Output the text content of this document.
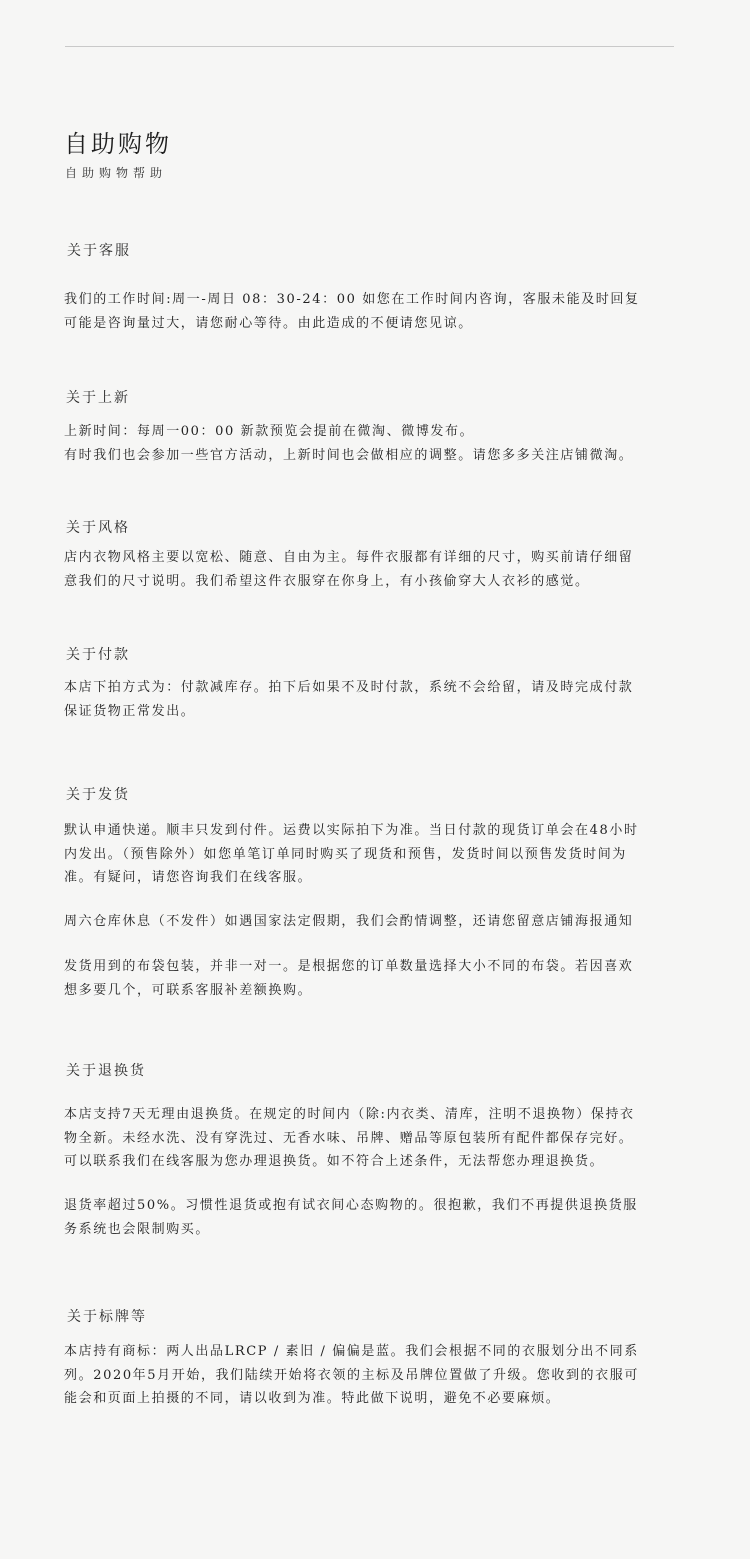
自助购物
自助购物帮助
关于客服
我们的工作时间:周一-周日 08：30-24：00 如您在工作时间内咨询，客服未能及时回复
可能是咨询量过大，请您耐心等待。由此造成的不便请您见谅。
关于上新
上新时间：每周一00：00 新款预览会提前在微淘、微博发布。
有时我们也会参加一些官方活动，上新时间也会做相应的调整。请您多多关注店铺微淘。
关于风格
店内衣物风格主要以宽松、随意、自由为主。每件衣服都有详细的尺寸，购买前请仔细留
意我们的尺寸说明。我们希望这件衣服穿在你身上，有小孩偷穿大人衣衫的感觉。
关于付款
本店下拍方式为：付款减库存。拍下后如果不及时付款，系统不会给留，请及時完成付款
保证货物正常发出。
关于发货
默认申通快递。顺丰只发到付件。运费以实际拍下为准。当日付款的现货订单会在48小时
内发出。（预售除外）如您单笔订单同时购买了现货和预售，发货时间以预售发货时间为
准。有疑问，请您咨询我们在线客服。
周六仓库休息（不发件）如遇国家法定假期，我们会酌情调整，还请您留意店铺海报通知
发货用到的布袋包装，并非一对一。是根据您的订单数量选择大小不同的布袋。若因喜欢
想多要几个，可联系客服补差额换购。
关于退换货
本店支持7天无理由退换货。在规定的时间内（除:内衣类、清库，注明不退换物）保持衣
物全新。未经水洗、没有穿洗过、无香水味、吊牌、赠品等原包装所有配件都保存完好。
可以联系我们在线客服为您办理退换货。如不符合上述条件，无法帮您办理退换货。
退货率超过50%。习惯性退货或抱有试衣间心态购物的。很抱歉，我们不再提供退换货服
务系统也会限制购买。
关于标牌等
本店持有商标：两人出品LRCP / 素旧 / 偏偏是蓝。我们会根据不同的衣服划分出不同系
列。2020年5月开始，我们陆续开始将衣领的主标及吊牌位置做了升级。您收到的衣服可
能会和页面上拍摄的不同，请以收到为准。特此做下说明，避免不必要麻烦。
